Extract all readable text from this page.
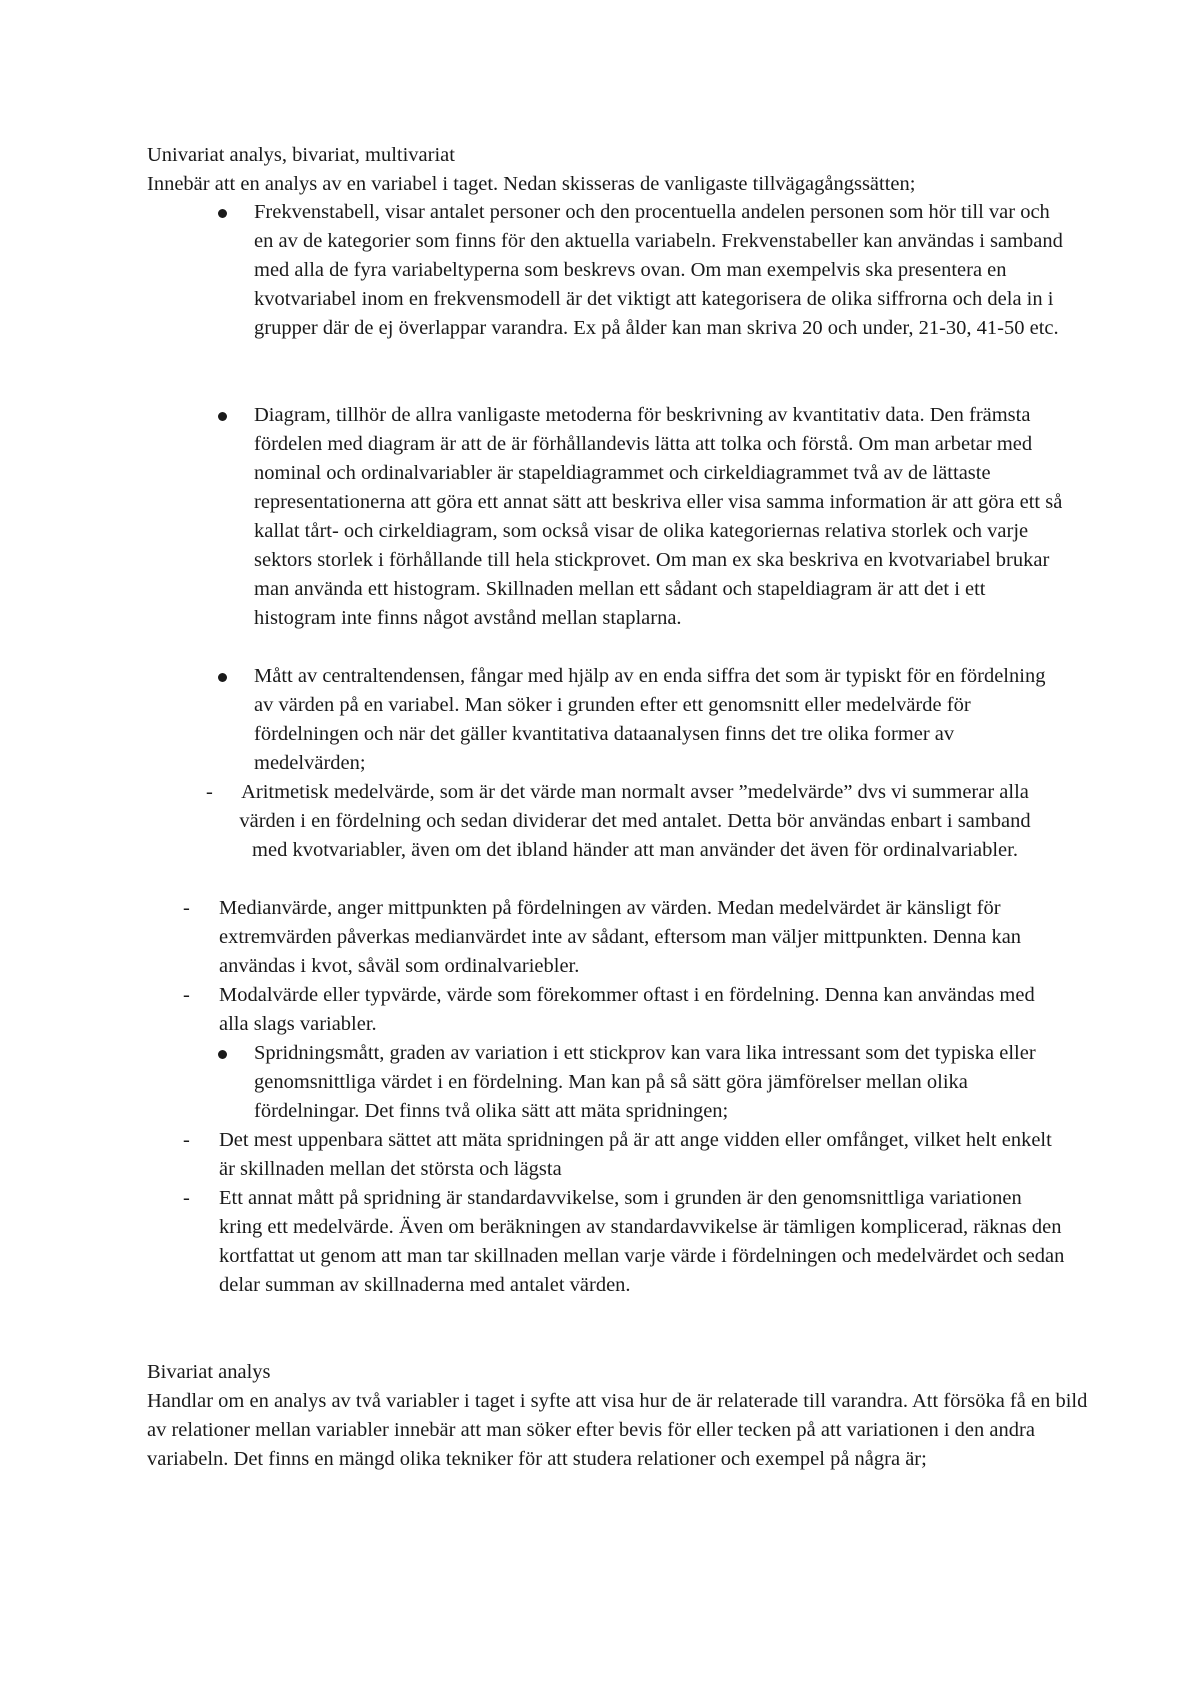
Univariat analys, bivariat, multivariat

Innebär att en analys av en variabel i taget. Nedan skisseras de vanligaste tillvägagångssätten;

Frekvenstabell, visar antalet personer och den procentuella andelen personen som hör till var och en av de kategorier som finns för den aktuella variabeln. Frekvenstabeller kan användas i samband med alla de fyra variabeltyperna som beskrevs ovan. Om man exempelvis ska presentera en kvotvariabel inom en frekvensmodell är det viktigt att kategorisera de olika siffrorna och dela in i grupper där de ej överlappar varandra. Ex på ålder kan man skriva 20 och under, 21-30, 41-50 etc.

Diagram, tillhör de allra vanligaste metoderna för beskrivning av kvantitativ data. Den främsta fördelen med diagram är att de är förhållandevis lätta att tolka och förstå. Om man arbetar med nominal och ordinalvariabler är stapeldiagrammet och cirkeldiagrammet två av de lättaste representationerna att göra ett annat sätt att beskriva eller visa samma information är att göra ett så kallat tårt- och cirkeldiagram, som också visar de olika kategoriernas relativa storlek och varje sektors storlek i förhållande till hela stickprovet. Om man ex ska beskriva en kvotvariabel brukar man använda ett histogram. Skillnaden mellan ett sådant och stapeldiagram är att det i ett histogram inte finns något avstånd mellan staplarna.

Mått av centraltendensen, fångar med hjälp av en enda siffra det som är typiskt för en fördelning av värden på en variabel. Man söker i grunden efter ett genomsnitt eller medelvärde för fördelningen och när det gäller kvantitativa dataanalysen finns det tre olika former av medelvärden;

-	Aritmetisk medelvärde, som är det värde man normalt avser ”medelvärde” dvs vi summerar alla värden i en fördelning och sedan dividerar det med antalet. Detta bör användas enbart i samband med kvotvariabler, även om det ibland händer att man använder det även för ordinalvariabler.

- Medianvärde, anger mittpunkten på fördelningen av värden. Medan medelvärdet är känsligt för extremvärden påverkas medianvärdet inte av sådant, eftersom man väljer mittpunkten. Denna kan användas i kvot, såväl som ordinalvariebler.

- Modalvärde eller typvärde, värde som förekommer oftast i en fördelning. Denna kan användas med alla slags variabler.

Spridningsmått, graden av variation i ett stickprov kan vara lika intressant som det typiska eller genomsnittliga värdet i en fördelning. Man kan på så sätt göra jämförelser mellan olika fördelningar. Det finns två olika sätt att mäta spridningen;

- Det mest uppenbara sättet att mäta spridningen på är att ange vidden eller omfånget, vilket helt enkelt är skillnaden mellan det största och lägsta

- Ett annat mått på spridning är standardavvikelse, som i grunden är den genomsnittliga variationen kring ett medelvärde. Även om beräkningen av standardavvikelse är tämligen komplicerad, räknas den kortfattat ut genom att man tar skillnaden mellan varje värde i fördelningen och medelvärdet och sedan delar summan av skillnaderna med antalet värden.

Bivariat analys

Handlar om en analys av två variabler i taget i syfte att visa hur de är relaterade till varandra. Att försöka få en bild av relationer mellan variabler innebär att man söker efter bevis för eller tecken på att variationen i den andra variabeln. Det finns en mängd olika tekniker för att studera relationer och exempel på några är;
